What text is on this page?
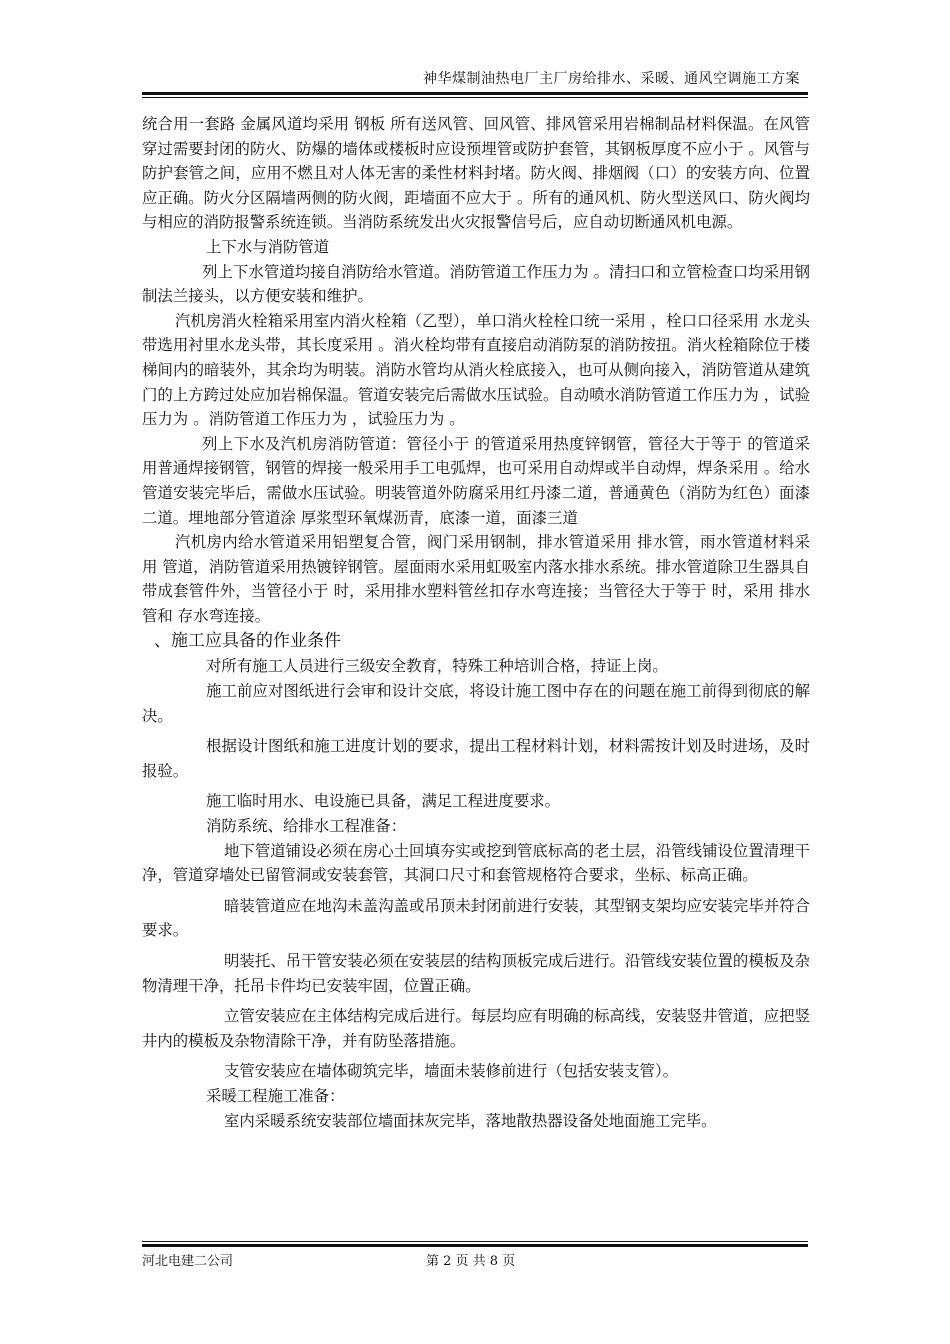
神华煤制油热电厂主厂房给排水、采暖、通风空调施工方案

统合用一套路 金属风道均采用 钢板 所有送风管、回风管、排风管采用岩棉制品材料保温。在风管穿过需要封闭的防火、防爆的墙体或楼板时应设预埋管或防护套管，其钢板厚度不应小于 。风管与防护套管之间，应用不燃且对人体无害的柔性材料封堵。防火阀、排烟阀（口）的安装方向、位置应正确。防火分区隔墙两侧的防火阀，距墙面不应大于 。所有的通风机、防火型送风口、防火阀均与相应的消防报警系统连锁。当消防系统发出火灾报警信号后，应自动切断通风机电源。

上下水与消防管道

列上下水管道均接自消防给水管道。消防管道工作压力为 。清扫口和立管检查口均采用钢制法兰接头，以方便安装和维护。

汽机房消火栓箱采用室内消火栓箱（乙型），单口消火栓栓口统一采用 ，栓口口径采用 水龙头带选用衬里水龙头带，其长度采用 。消火栓均带有直接启动消防泵的消防按扭。消火栓箱除位于楼梯间内的暗装外，其余均为明装。消防水管均从消火栓底接入，也可从侧向接入，消防管道从建筑门的上方跨过处应加岩棉保温。管道安装完后需做水压试验。自动喷水消防管道工作压力为 ，试验压力为 。消防管道工作压力为 ，试验压力为 。

列上下水及汽机房消防管道：管径小于 的管道采用热度锌钢管，管径大于等于 的管道采用普通焊接钢管，钢管的焊接一般采用手工电弧焊，也可采用自动焊或半自动焊，焊条采用 。给水管道安装完毕后，需做水压试验。明装管道外防腐采用红丹漆二道，普通黄色（消防为红色）面漆二道。埋地部分管道涂 厚浆型环氧煤沥青，底漆一道，面漆三道

汽机房内给水管道采用铝塑复合管，阀门采用钢制，排水管道采用 排水管，雨水管道材料采用 管道，消防管道采用热镀锌钢管。屋面雨水采用虹吸室内落水排水系统。排水管道除卫生器具自带成套管件外，当管径小于 时，采用排水塑料管丝扣存水弯连接；当管径大于等于 时，采用 排水管和 存水弯连接。

、施工应具备的作业条件

对所有施工人员进行三级安全教育，特殊工种培训合格，持证上岗。

施工前应对图纸进行会审和设计交底，将设计施工图中存在的问题在施工前得到彻底的解决。

根据设计图纸和施工进度计划的要求，提出工程材料计划，材料需按计划及时进场，及时报验。

施工临时用水、电设施已具备，满足工程进度要求。

消防系统、给排水工程准备：

地下管道铺设必须在房心土回填夯实或挖到管底标高的老土层，沿管线铺设位置清理干净，管道穿墙处已留管洞或安装套管，其洞口尺寸和套管规格符合要求，坐标、标高正确。

暗装管道应在地沟未盖沟盖或吊顶未封闭前进行安装，其型钢支架均应安装完毕并符合要求。

明装托、吊干管安装必须在安装层的结构顶板完成后进行。沿管线安装位置的模板及杂物清理干净，托吊卡件均已安装牢固，位置正确。

立管安装应在主体结构完成后进行。每层均应有明确的标高线，安装竖井管道，应把竖井内的模板及杂物清除干净，并有防坠落措施。

支管安装应在墙体砌筑完毕，墙面未装修前进行（包括安装支管）。

采暖工程施工准备：

室内采暖系统安装部位墙面抹灰完毕，落地散热器设备处地面施工完毕。

河北电建二公司	第 2 页 共 8 页
